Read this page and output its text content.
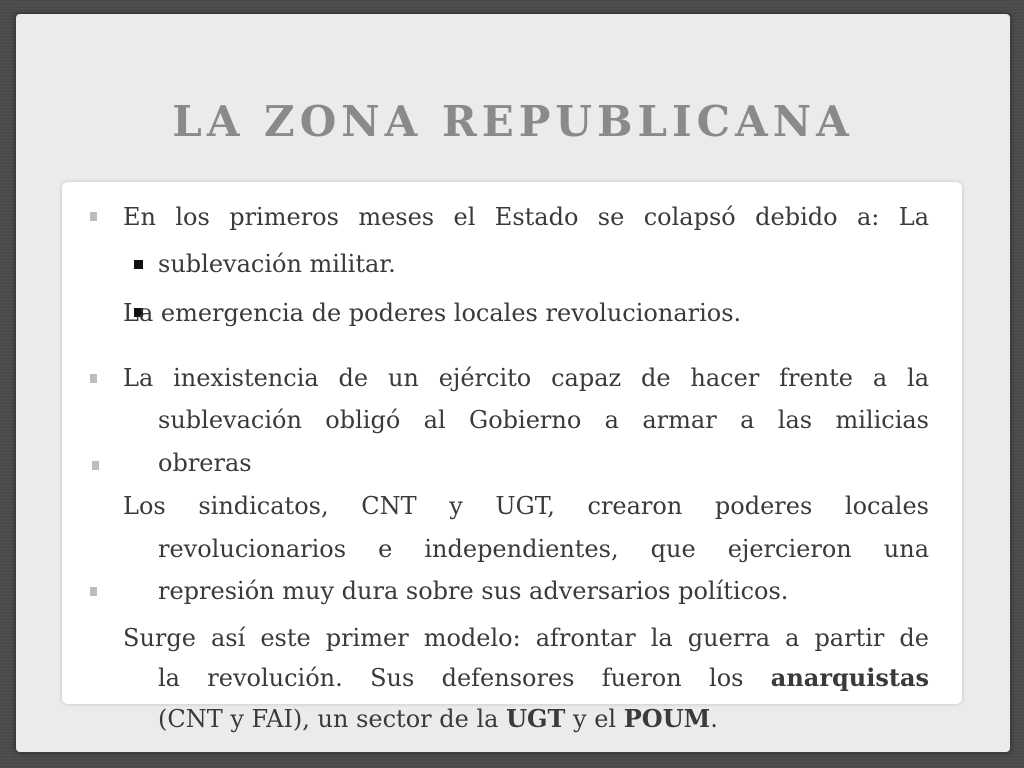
LA ZONA REPUBLICANA

En los primeros meses el Estado se colapsó debido a: La

sublevación militar.

La emergencia de poderes locales revolucionarios.

La inexistencia de un ejército capaz de hacer frente a la

sublevación obligó al Gobierno a armar a las milicias

obreras

Los sindicatos, CNT y UGT, crearon poderes locales

revolucionarios e independientes, que ejercieron una

represión muy dura sobre sus adversarios políticos.

Surge así este primer modelo: afrontar la guerra a partir de

la revolución. Sus defensores fueron los anarquistas

(CNT y FAI), un sector de la UGT y el POUM.
